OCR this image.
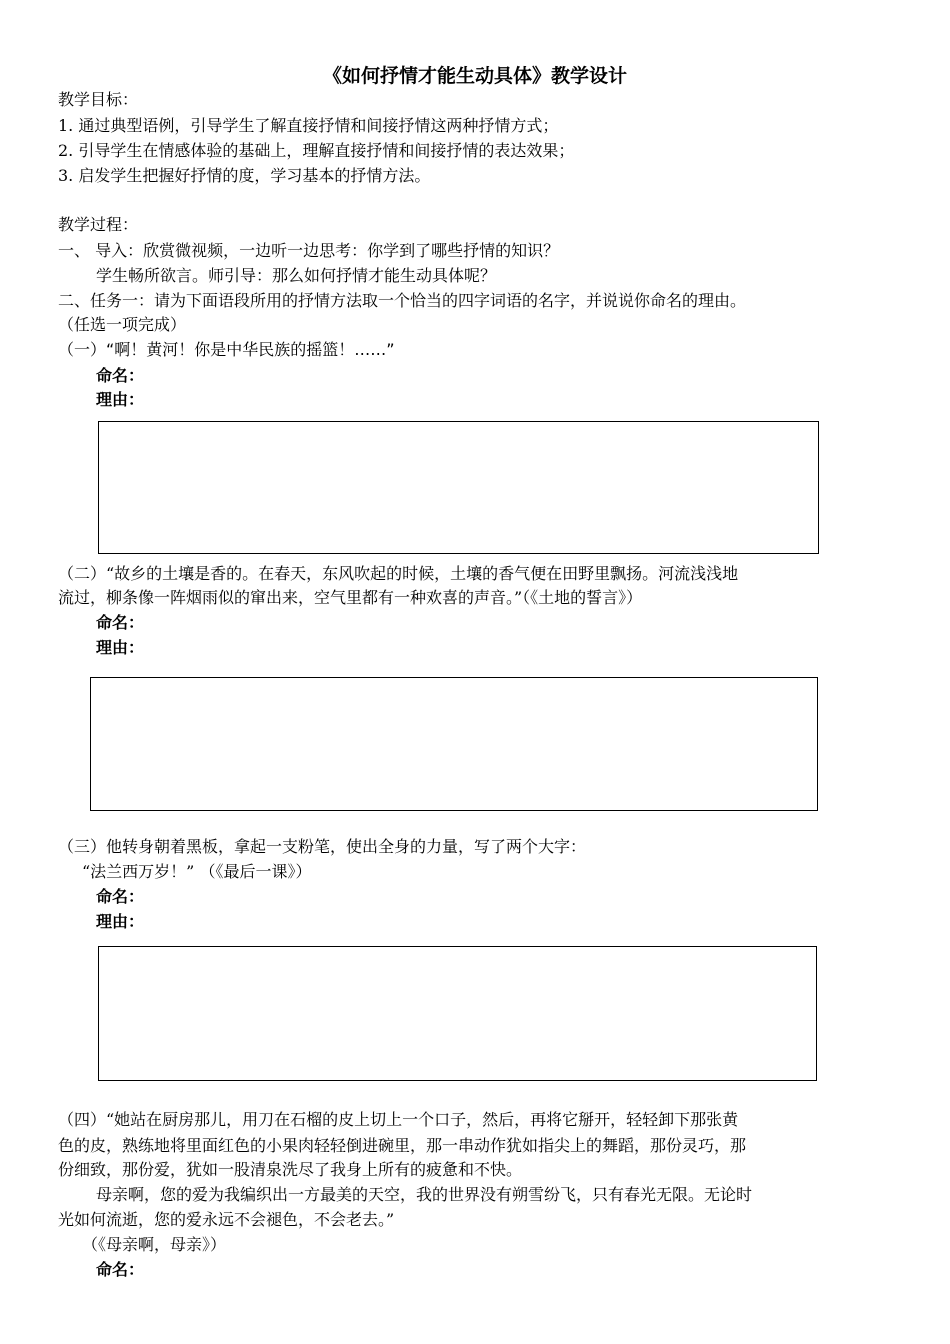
《如何抒情才能生动具体》教学设计
教学目标：
1. 通过典型语例，引导学生了解直接抒情和间接抒情这两种抒情方式；
2. 引导学生在情感体验的基础上，理解直接抒情和间接抒情的表达效果；
3. 启发学生把握好抒情的度，学习基本的抒情方法。
教学过程：
一、 导入：欣赏微视频，一边听一边思考：你学到了哪些抒情的知识？
学生畅所欲言。师引导：那么如何抒情才能生动具体呢？
二、任务一：请为下面语段所用的抒情方法取一个恰当的四字词语的名字，并说说你命名的理由。
（任选一项完成）
（一）“啊！黄河！你是中华民族的摇篮！……”
命名：
理由：
（二）“故乡的土壤是香的。在春天，东风吹起的时候，土壤的香气便在田野里飘扬。河流浅浅地
流过，柳条像一阵烟雨似的窜出来，空气里都有一种欢喜的声音。”（《土地的誓言》）
命名：
理由：
（三）他转身朝着黑板，拿起一支粉笔，使出全身的力量，写了两个大字：
“法兰西万岁！” （《最后一课》）
命名：
理由：
（四）“她站在厨房那儿，用刀在石榴的皮上切上一个口子，然后，再将它掰开，轻轻卸下那张黄
色的皮，熟练地将里面红色的小果肉轻轻倒进碗里，那一串动作犹如指尖上的舞蹈，那份灵巧，那
份细致，那份爱，犹如一股清泉洗尽了我身上所有的疲惫和不快。
母亲啊，您的爱为我编织出一方最美的天空，我的世界没有朔雪纷飞，只有春光无限。无论时
光如何流逝，您的爱永远不会褪色，不会老去。”
（《母亲啊，母亲》）
命名：
